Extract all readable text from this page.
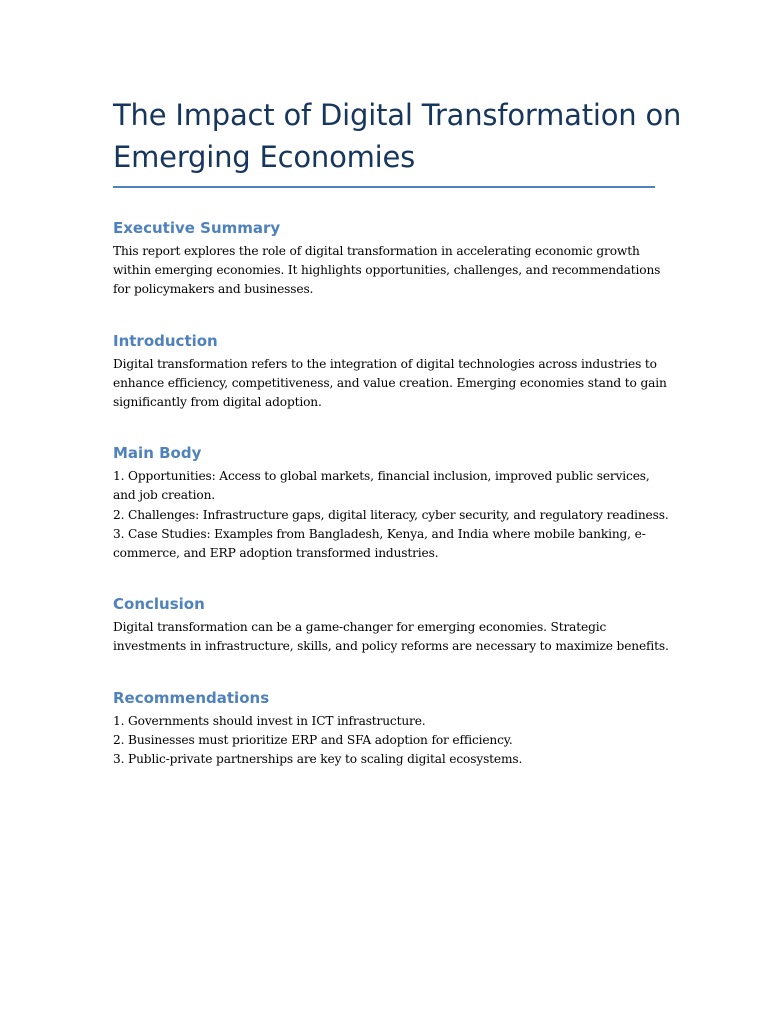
The Impact of Digital Transformation on
Emerging Economies
Executive Summary

This report explores the role of digital transformation in accelerating economic growth
within emerging economies. It highlights opportunities, challenges, and recommendations
for policymakers and businesses.

Introduction

Digital transformation refers to the integration of digital technologies across industries to
enhance efficiency, competitiveness, and value creation. Emerging economies stand to gain
significantly from digital adoption.

Main Body

1. Opportunities: Access to global markets, financial inclusion, improved public services,
and job creation.
2. Challenges: Infrastructure gaps, digital literacy, cyber security, and regulatory readiness.
3. Case Studies: Examples from Bangladesh, Kenya, and India where mobile banking, e-
commerce, and ERP adoption transformed industries.

Conclusion

Digital transformation can be a game-changer for emerging economies. Strategic
investments in infrastructure, skills, and policy reforms are necessary to maximize benefits.

Recommendations

1. Governments should invest in ICT infrastructure.
2. Businesses must prioritize ERP and SFA adoption for efficiency.
3. Public-private partnerships are key to scaling digital ecosystems.
